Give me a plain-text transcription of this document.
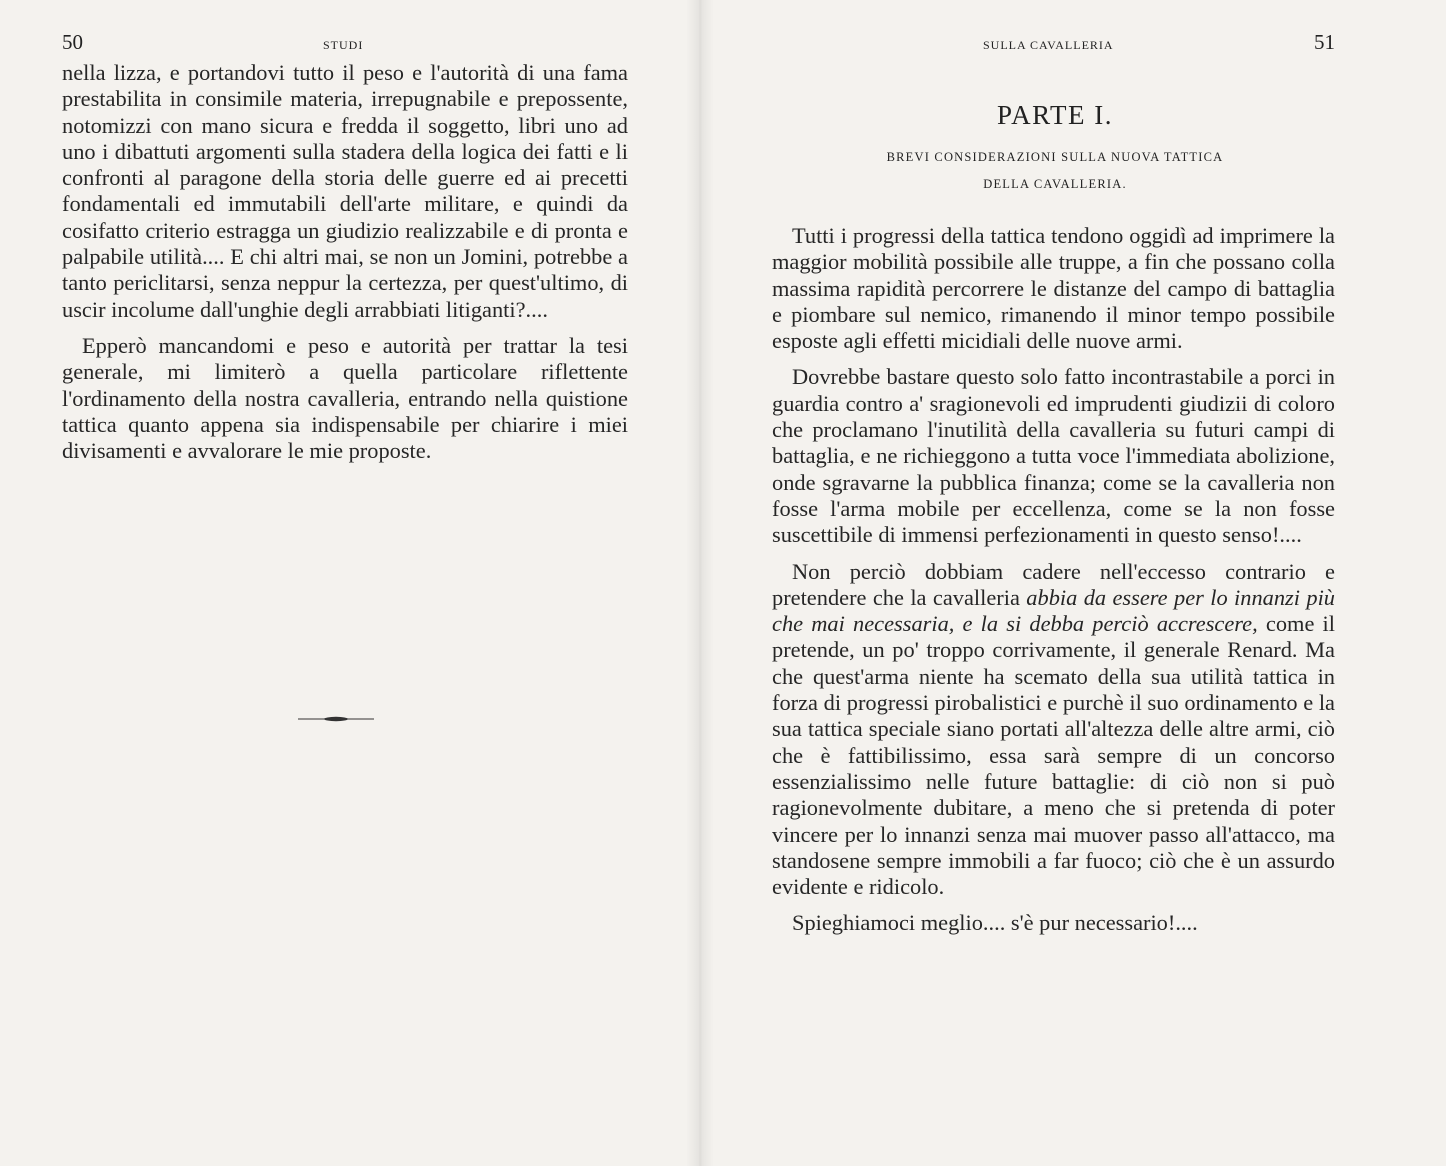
50	STUDI

nella lizza, e portandovi tutto il peso e l'autorità di una fama prestabilita in consimile materia, irrepugnabile e prepossente, notomizzi con mano sicura e fredda il soggetto, libri uno ad uno i dibattuti argomenti sulla stadera della logica dei fatti e li confronti al paragone della storia delle guerre ed ai precetti fondamentali ed immutabili dell'arte militare, e quindi da cosifatto criterio estragga un giudizio realizzabile e di pronta e palpabile utilità.... E chi altri mai, se non un Jomini, potrebbe a tanto periclitarsi, senza neppur la certezza, per quest'ultimo, di uscir incolume dall'unghie degli arrabbiati litiganti?....

Epperò mancandomi e peso e autorità per trattar la tesi generale, mi limiterò a quella particolare riflettente l'ordinamento della nostra cavalleria, entrando nella quistione tattica quanto appena sia indispensabile per chiarire i miei divisamenti e avvalorare le mie proposte.

SULLA CAVALLERIA	51
PARTE I.
BREVI CONSIDERAZIONI SULLA NUOVA TATTICA
DELLA CAVALLERIA.

Tutti i progressi della tattica tendono oggidì ad imprimere la maggior mobilità possibile alle truppe, a fin che possano colla massima rapidità percorrere le distanze del campo di battaglia e piombare sul nemico, rimanendo il minor tempo possibile esposte agli effetti micidiali delle nuove armi.

Dovrebbe bastare questo solo fatto incontrastabile a porci in guardia contro a' sragionevoli ed imprudenti giudizii di coloro che proclamano l'inutilità della cavalleria su futuri campi di battaglia, e ne richieggono a tutta voce l'immediata abolizione, onde sgravarne la pubblica finanza; come se la cavalleria non fosse l'arma mobile per eccellenza, come se la non fosse suscettibile di immensi perfezionamenti in questo senso!....

Non perciò dobbiam cadere nell'eccesso contrario e pretendere che la cavalleria abbia da essere per lo innanzi più che mai necessaria, e la si debba perciò accrescere, come il pretende, un po' troppo corrivamente, il generale Renard. Ma che quest'arma niente ha scemato della sua utilità tattica in forza di progressi pirobalistici e purchè il suo ordinamento e la sua tattica speciale siano portati all'altezza delle altre armi, ciò che è fattibilissimo, essa sarà sempre di un concorso essenzialissimo nelle future battaglie: di ciò non si può ragionevolmente dubitare, a meno che si pretenda di poter vincere per lo innanzi senza mai muover passo all'attacco, ma standosene sempre immobili a far fuoco; ciò che è un assurdo evidente e ridicolo.

Spieghiamoci meglio.... s'è pur necessario!....
